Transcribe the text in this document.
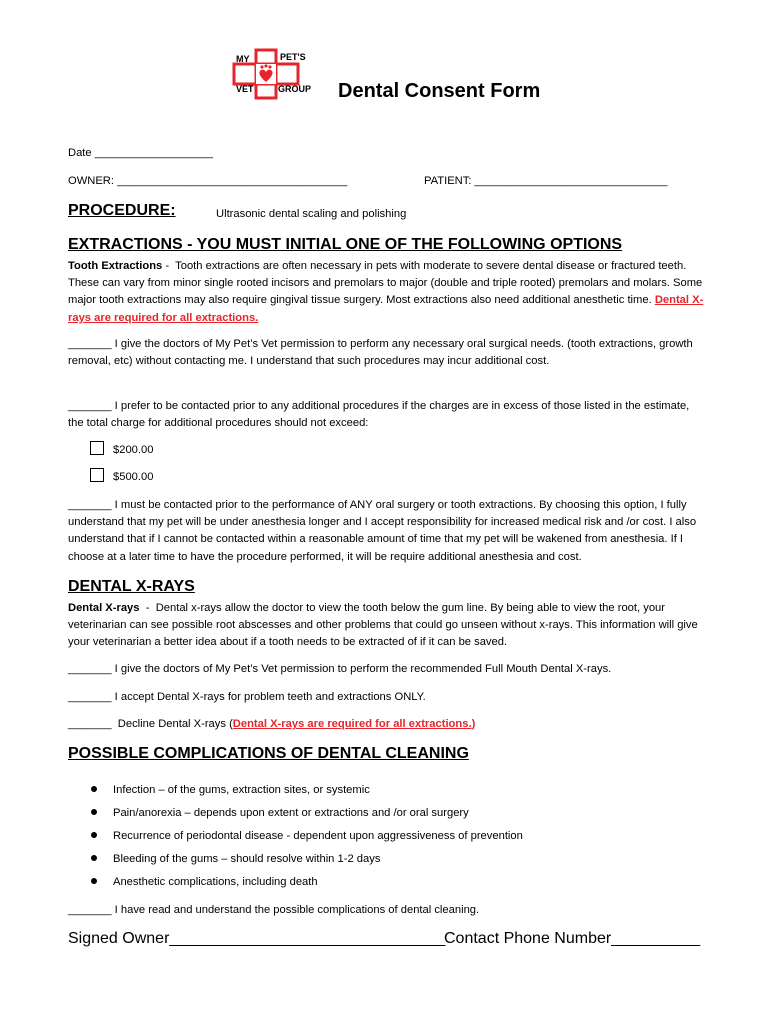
MY	PET'S
VET	GROUP Dental Consent Form
Date ___________________
OWNER: _____________________________________	PATIENT: _______________________________
PROCEDURE:	Ultrasonic dental scaling and polishing
EXTRACTIONS - YOU MUST INITIAL ONE OF THE FOLLOWING OPTIONS
Tooth Extractions -  Tooth extractions are often necessary in pets with moderate to severe dental disease or fractured teeth. These can vary from minor single rooted incisors and premolars to major (double and triple rooted) premolars and molars. Some major tooth extractions may also require gingival tissue surgery. Most extractions also need additional anesthetic time. Dental X-rays are required for all extractions.
_______ I give the doctors of My Pet’s Vet permission to perform any necessary oral surgical needs. (tooth extractions, growth removal, etc) without contacting me. I understand that such procedures may incur additional cost.
_______ I prefer to be contacted prior to any additional procedures if the charges are in excess of those listed in the estimate, the total charge for additional procedures should not exceed:
$200.00
$500.00
_______ I must be contacted prior to the performance of ANY oral surgery or tooth extractions. By choosing this option, I fully understand that my pet will be under anesthesia longer and I accept responsibility for increased medical risk and /or cost. I also understand that if I cannot be contacted within a reasonable amount of time that my pet will be wakened from anesthesia. If I choose at a later time to have the procedure performed, it will be require additional anesthesia and cost.
DENTAL X-RAYS
Dental X-rays  -  Dental x-rays allow the doctor to view the tooth below the gum line. By being able to view the root, your veterinarian can see possible root abscesses and other problems that could go unseen without x-rays. This information will give your veterinarian a better idea about if a tooth needs to be extracted of if it can be saved.
_______ I give the doctors of My Pet’s Vet permission to perform the recommended Full Mouth Dental X-rays.
_______ I accept Dental X-rays for problem teeth and extractions ONLY.
_______  Decline Dental X-rays (Dental X-rays are required for all extractions.)
POSSIBLE COMPLICATIONS OF DENTAL CLEANING
Infection – of the gums, extraction sites, or systemic
Pain/anorexia – depends upon extent or extractions and /or oral surgery
Recurrence of periodontal disease - dependent upon aggressiveness of prevention
Bleeding of the gums – should resolve within 1-2 days
Anesthetic complications, including death
_______ I have read and understand the possible complications of dental cleaning.
Signed Owner_______________________________
Contact Phone Number__________
